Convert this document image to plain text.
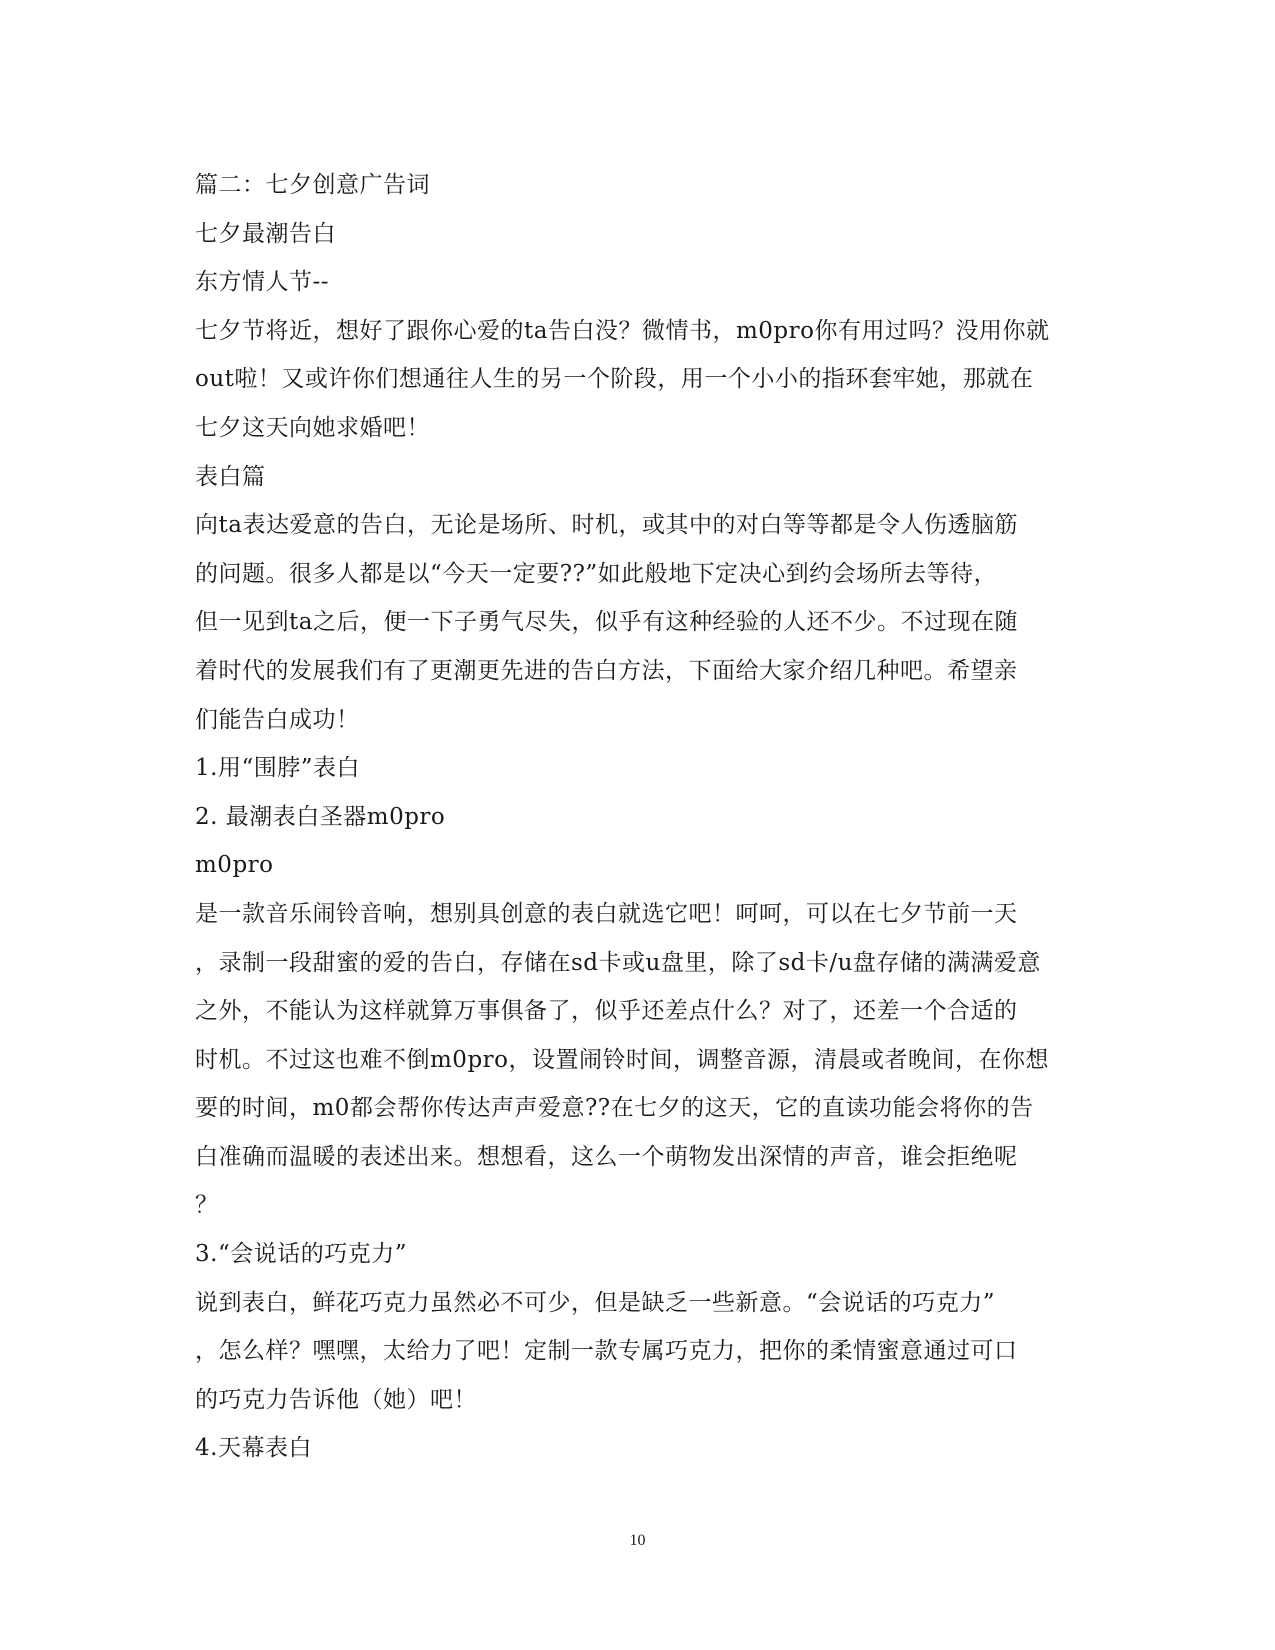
篇二：七夕创意广告词
七夕最潮告白
东方情人节--
七夕节将近，想好了跟你心爱的ta告白没？微情书，m0pro你有用过吗？没用你就
out啦！又或许你们想通往人生的另一个阶段，用一个小小的指环套牢她，那就在
七夕这天向她求婚吧！
表白篇
向ta表达爱意的告白，无论是场所、时机，或其中的对白等等都是令人伤透脑筋
的问题。很多人都是以“今天一定要??”如此般地下定决心到约会场所去等待，
但一见到ta之后，便一下子勇气尽失，似乎有这种经验的人还不少。不过现在随
着时代的发展我们有了更潮更先进的告白方法，下面给大家介绍几种吧。希望亲
们能告白成功！
1.用“围脖”表白
2. 最潮表白圣器m0pro
m0pro
是一款音乐闹铃音响，想别具创意的表白就选它吧！呵呵，可以在七夕节前一天
，录制一段甜蜜的爱的告白，存储在sd卡或u盘里，除了sd卡/u盘存储的满满爱意
之外，不能认为这样就算万事俱备了，似乎还差点什么？对了，还差一个合适的
时机。不过这也难不倒m0pro，设置闹铃时间，调整音源，清晨或者晚间，在你想
要的时间，m0都会帮你传达声声爱意??在七夕的这天，它的直读功能会将你的告
白准确而温暖的表述出来。想想看，这么一个萌物发出深情的声音，谁会拒绝呢
？
3.“会说话的巧克力”
说到表白，鲜花巧克力虽然必不可少，但是缺乏一些新意。“会说话的巧克力”
，怎么样？嘿嘿，太给力了吧！定制一款专属巧克力，把你的柔情蜜意通过可口
的巧克力告诉他（她）吧！
4.天幕表白
10
